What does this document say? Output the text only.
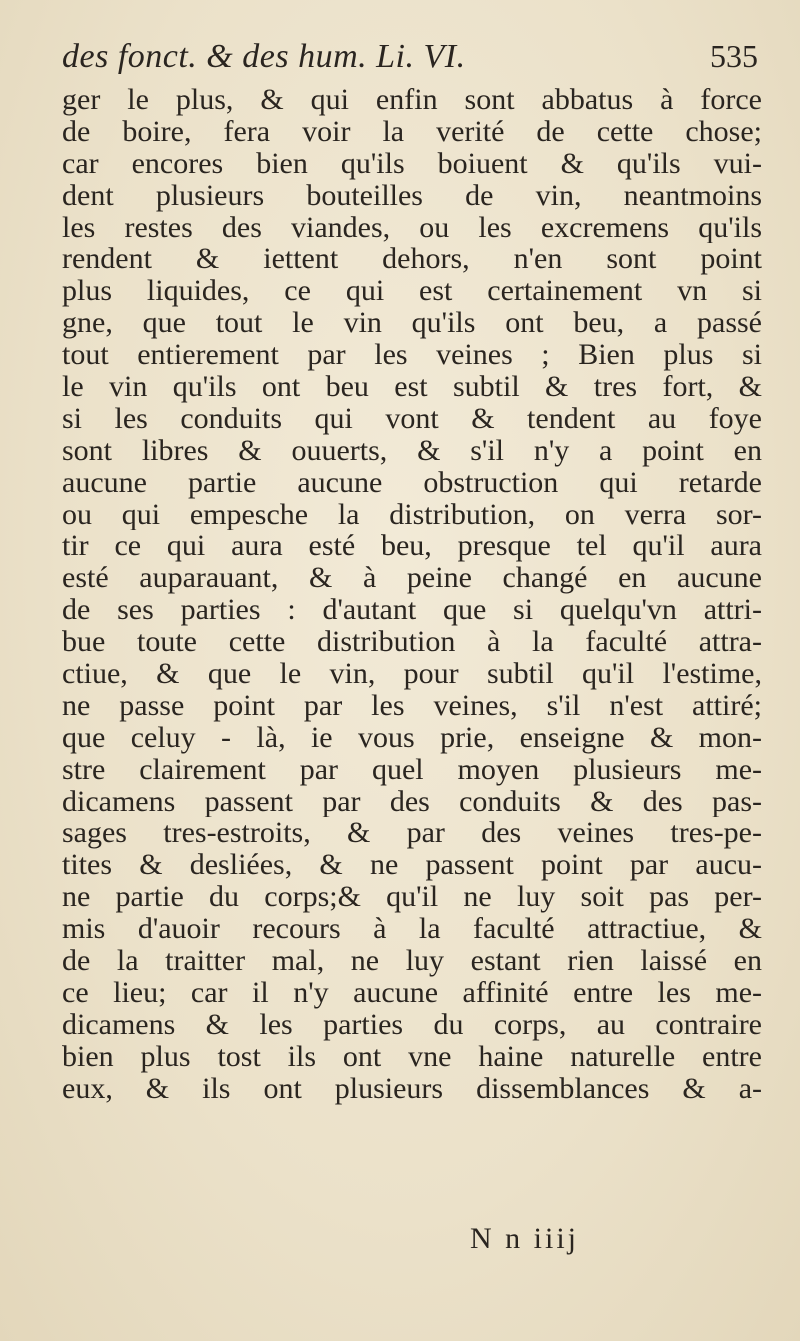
des fonct. & des hum. Li. VI.	535
ger le plus, & qui enfin sont abbatus à force
de boire, fera voir la verité de cette chose;
car encores bien qu'ils boiuent & qu'ils vui-
dent plusieurs bouteilles de vin, neantmoins
les restes des viandes, ou les excremens qu'ils
rendent & iettent dehors, n'en sont point
plus liquides, ce qui est certainement vn si
gne, que tout le vin qu'ils ont beu, a passé
tout entierement par les veines ; Bien plus si
le vin qu'ils ont beu est subtil & tres fort, &
si les conduits qui vont & tendent au foye
sont libres & ouuerts, & s'il n'y a point en
aucune partie aucune obstruction qui retarde
ou qui empesche la distribution, on verra sor-
tir ce qui aura esté beu, presque tel qu'il aura
esté auparauant, & à peine changé en aucune
de ses parties : d'autant que si quelqu'vn attri-
bue toute cette distribution à la faculté attra-
ctiue, & que le vin, pour subtil qu'il l'estime,
ne passe point par les veines, s'il n'est attiré;
que celuy - là, ie vous prie, enseigne & mon-
stre clairement par quel moyen plusieurs me-
dicamens passent par des conduits & des pas-
sages tres-estroits, & par des veines tres-pe-
tites & desliées, & ne passent point par aucu-
ne partie du corps;& qu'il ne luy soit pas per-
mis d'auoir recours à la faculté attractiue, &
de la traitter mal, ne luy estant rien laissé en
ce lieu; car il n'y aucune affinité entre les me-
dicamens & les parties du corps, au contraire
bien plus tost ils ont vne haine naturelle entre
eux, & ils ont plusieurs dissemblances & a-
N n iiij
